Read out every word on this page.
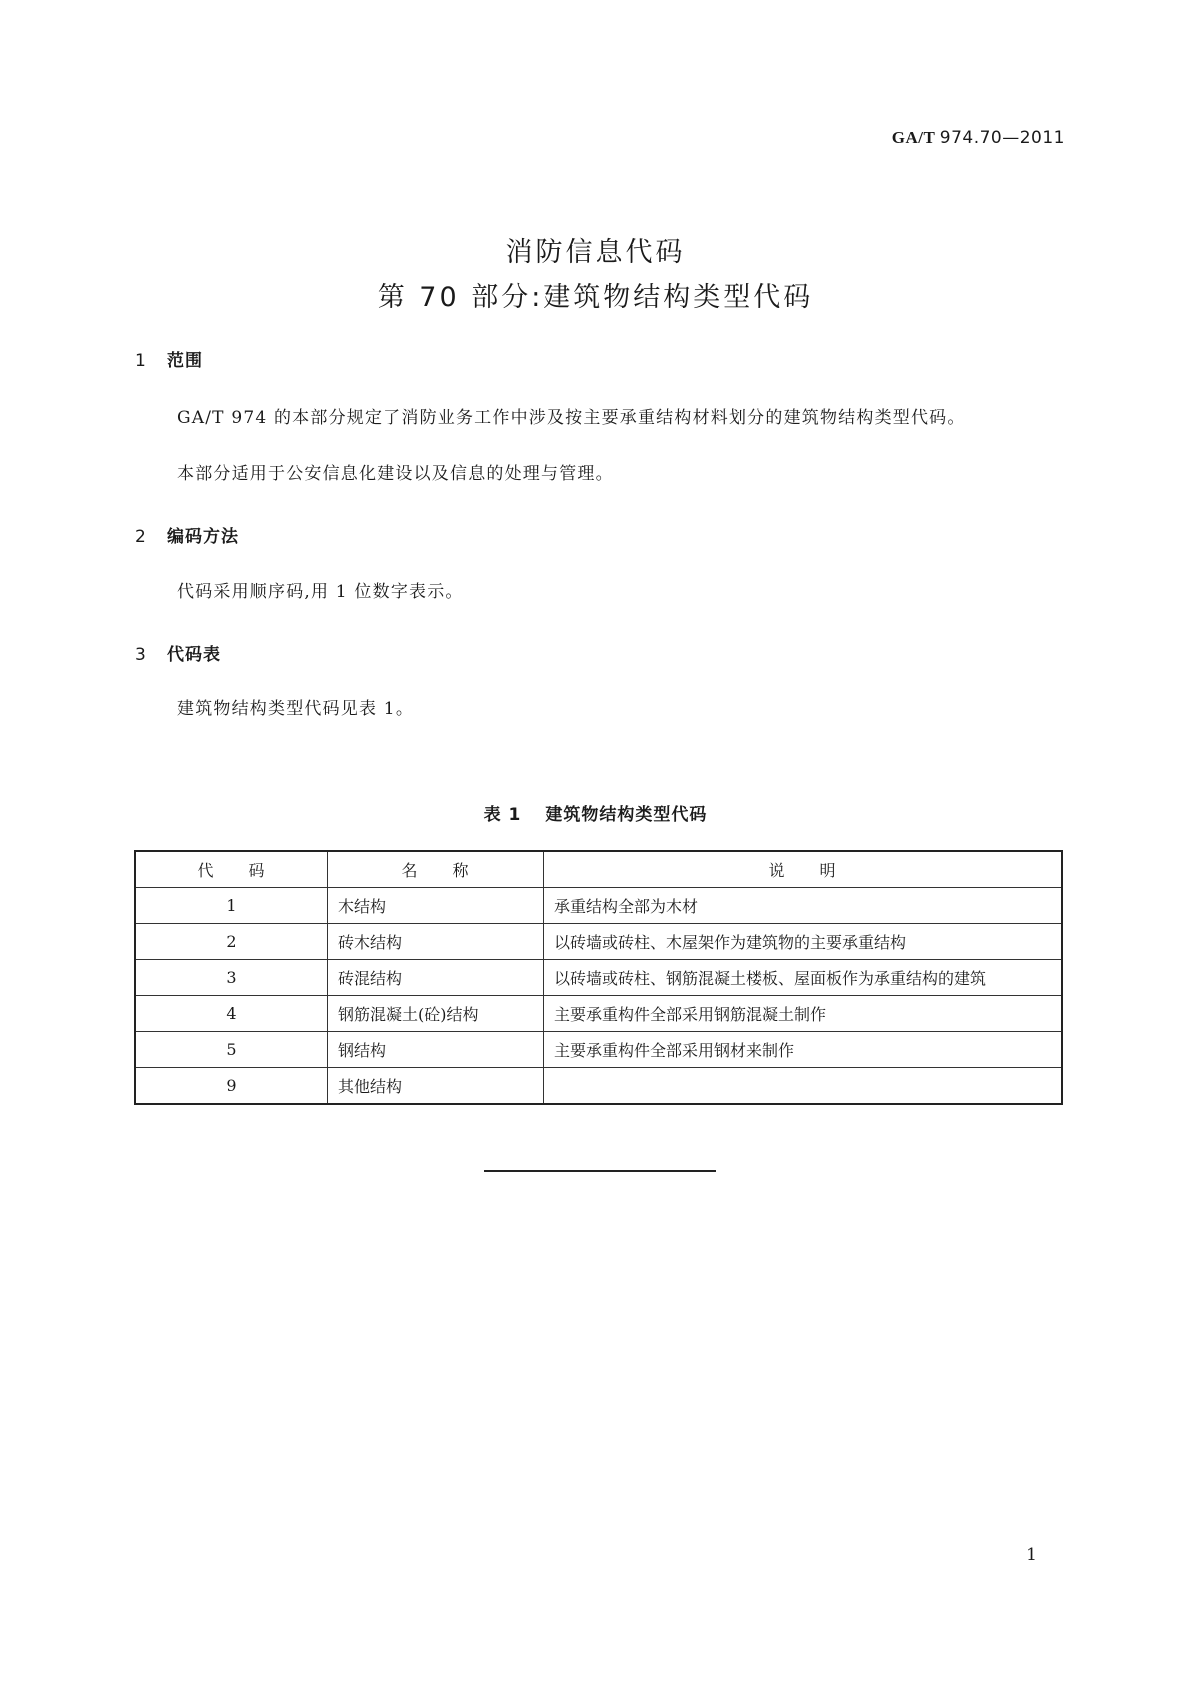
GA/T 974.70—2011
消防信息代码
第 70 部分:建筑物结构类型代码
1 范围
GA/T 974 的本部分规定了消防业务工作中涉及按主要承重结构材料划分的建筑物结构类型代码。
本部分适用于公安信息化建设以及信息的处理与管理。
2 编码方法
代码采用顺序码,用 1 位数字表示。
3 代码表
建筑物结构类型代码见表 1。
表 1 建筑物结构类型代码
代　　码	名　　称	说　　明
1	木结构	承重结构全部为木材
2	砖木结构	以砖墙或砖柱、木屋架作为建筑物的主要承重结构
3	砖混结构	以砖墙或砖柱、钢筋混凝土楼板、屋面板作为承重结构的建筑
4	钢筋混凝土(砼)结构	主要承重构件全部采用钢筋混凝土制作
5	钢结构	主要承重构件全部采用钢材来制作
9	其他结构	
1
